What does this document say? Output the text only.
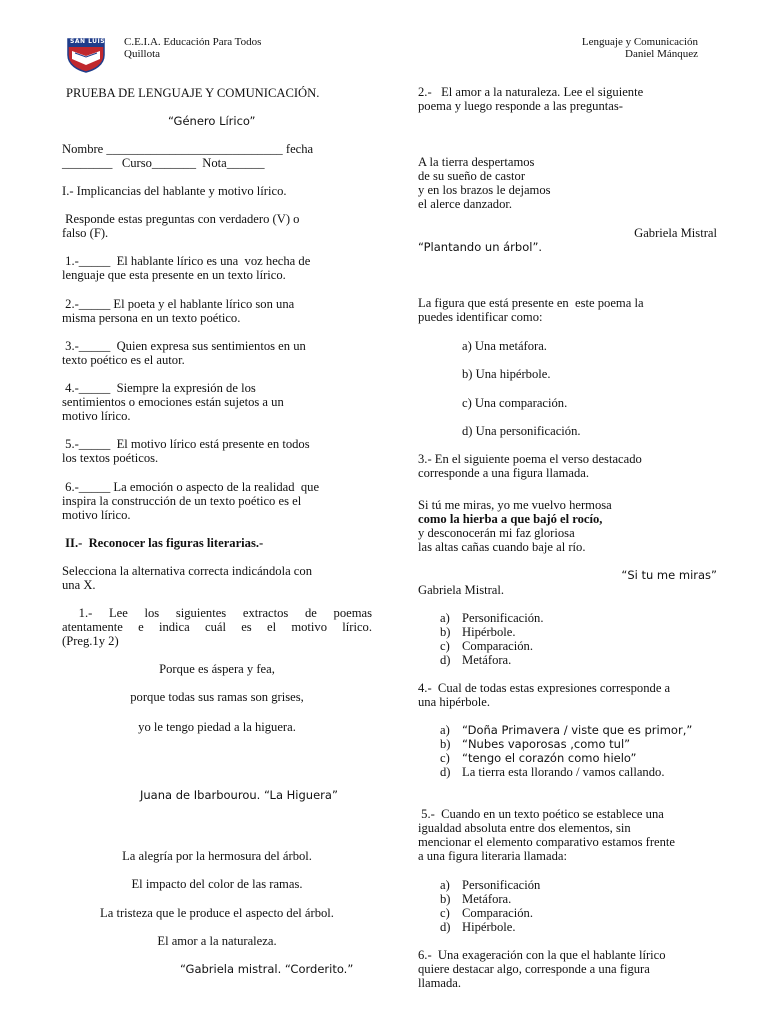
SAN LUIS C.E.I.A. Educación Para Todos
Quillota
Lenguaje y Comunicación
Daniel Mánquez
PRUEBA DE LENGUAJE Y COMUNICACIÓN.
“Género Lírico”
Nombre ____________________________ fecha
________   Curso_______  Nota______
I.- Implicancias del hablante y motivo lírico.
Responde estas preguntas con verdadero (V) o
falso (F).
1.-_____  El hablante lírico es una  voz hecha de
lenguaje que esta presente en un texto lírico.
2.-_____ El poeta y el hablante lírico son una
misma persona en un texto poético.
3.-_____  Quien expresa sus sentimientos en un
texto poético es el autor.
4.-_____  Siempre la expresión de los
sentimientos o emociones están sujetos a un
motivo lírico.
5.-_____  El motivo lírico está presente en todos
los textos poéticos.
6.-_____ La emoción o aspecto de la realidad  que
inspira la construcción de un texto poético es el
motivo lírico.
II.-  Reconocer las figuras literarias.-
Selecciona la alternativa correcta indicándola con
una X.
1.- Lee los siguientes extractos de poemas
atentamente e indica cuál es el motivo lírico.
(Preg.1y 2)
Porque es áspera y fea,
porque todas sus ramas son grises,
yo le tengo piedad a la higuera.
Juana de Ibarbourou. “La Higuera”
La alegría por la hermosura del árbol.
El impacto del color de las ramas.
La tristeza que le produce el aspecto del árbol.
El amor a la naturaleza.
“Gabriela mistral. “Corderito.”
2.-   El amor a la naturaleza. Lee el siguiente
poema y luego responde a las preguntas-
A la tierra despertamos
de su sueño de castor
y en los brazos le dejamos
el alerce danzador.
Gabriela Mistral
“Plantando un árbol”.
La figura que está presente en  este poema la
puedes identificar como:
a) Una metáfora.
b) Una hipérbole.
c) Una comparación.
d) Una personificación.
3.- En el siguiente poema el verso destacado
corresponde a una figura llamada.
Si tú me miras, yo me vuelvo hermosa
como la hierba a que bajó el rocío,
y desconocerán mi faz gloriosa
las altas cañas cuando baje al río.
“Si tu me miras”
Gabriela Mistral.
a) Personificación.
b) Hipérbole.
c) Comparación.
d) Metáfora.
4.-  Cual de todas estas expresiones corresponde a
una hipérbole.
a) “Doña Primavera / viste que es primor,”
b) “Nubes vaporosas ,como tul”
c) “tengo el corazón como hielo”
d) La tierra esta llorando / vamos callando.
5.-  Cuando en un texto poético se establece una
igualdad absoluta entre dos elementos, sin
mencionar el elemento comparativo estamos frente
a una figura literaria llamada:
a) Personificación
b) Metáfora.
c) Comparación.
d) Hipérbole.
6.-  Una exageración con la que el hablante lírico
quiere destacar algo, corresponde a una figura
llamada.
